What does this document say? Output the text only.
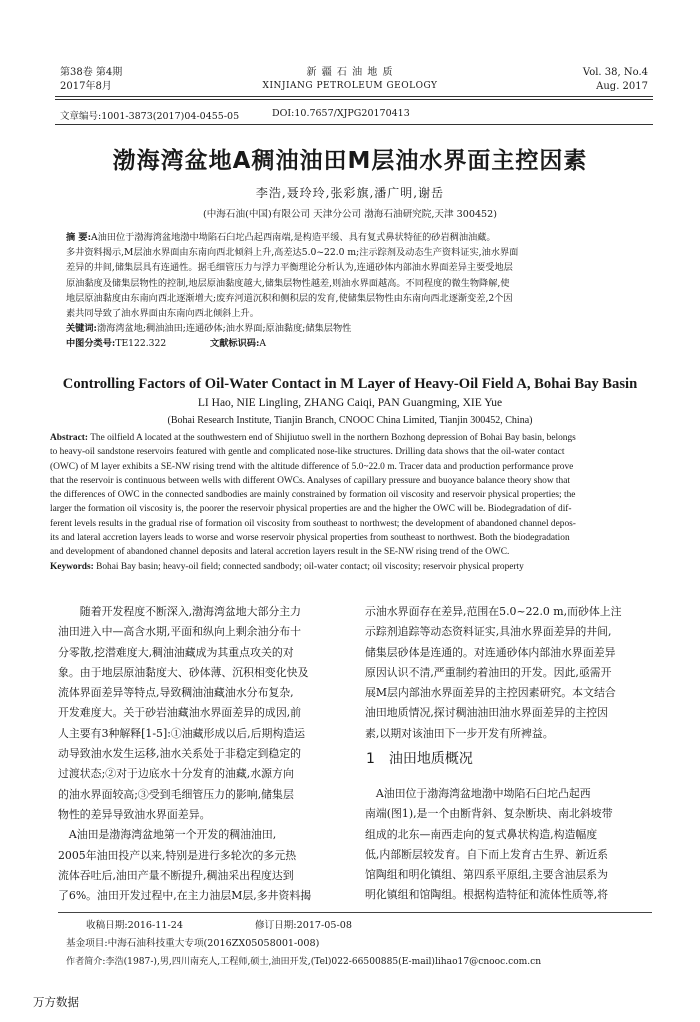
第38卷 第4期
2017年8月
新 疆 石 油 地 质
XINJIANG PETROLEUM GEOLOGY
Vol. 38, No.4
Aug. 2017
文章编号:1001-3873(2017)04-0455-05	DOI:10.7657/XJPG20170413
渤海湾盆地A稠油油田M层油水界面主控因素
李浩,聂玲玲,张彩旗,潘广明,谢岳
(中海石油(中国)有限公司 天津分公司 渤海石油研究院,天津 300452)
摘 要:A油田位于渤海湾盆地渤中坳陷石臼坨凸起西南端,是构造平缓、具有复式鼻状特征的砂岩稠油油藏。
多井资料揭示,M层油水界面由东南向西北倾斜上升,高差达5.0~22.0 m;注示踪剂及动态生产资料证实,油水界面
差异的井间,储集层具有连通性。据毛细管压力与浮力平衡理论分析认为,连通砂体内部油水界面差异主要受地层
原油黏度及储集层物性的控制,地层原油黏度越大,储集层物性越差,则油水界面越高。不同程度的微生物降解,使
地层原油黏度由东南向西北逐渐增大;废弃河道沉积和侧积层的发育,使储集层物性由东南向西北逐渐变差,2个因
素共同导致了油水界面由东南向西北倾斜上升。
关键词:渤海湾盆地;稠油油田;连通砂体;油水界面;原油黏度;储集层物性
中图分类号:TE122.322	文献标识码:A
Controlling Factors of Oil-Water Contact in M Layer of Heavy-Oil Field A, Bohai Bay Basin
LI Hao, NIE Lingling, ZHANG Caiqi, PAN Guangming, XIE Yue
(Bohai Research Institute, Tianjin Branch, CNOOC China Limited, Tianjin 300452, China)
Abstract: The oilfield A located at the southwestern end of Shijiutuo swell in the northern Bozhong depression of Bohai Bay basin, belongs
to heavy-oil sandstone reservoirs featured with gentle and complicated nose-like structures. Drilling data shows that the oil-water contact
(OWC) of M layer exhibits a SE-NW rising trend with the altitude difference of 5.0~22.0 m. Tracer data and production performance prove
that the reservoir is continuous between wells with different OWCs. Analyses of capillary pressure and buoyance balance theory show that
the differences of OWC in the connected sandbodies are mainly constrained by formation oil viscosity and reservoir physical properties; the
larger the formation oil viscosity is, the poorer the reservoir physical properties are and the higher the OWC will be. Biodegradation of dif-
ferent levels results in the gradual rise of formation oil viscosity from southeast to northwest; the development of abandoned channel depos-
its and lateral accretion layers leads to worse and worse reservoir physical properties from southeast to northwest. Both the biodegradation
and development of abandoned channel deposits and lateral accretion layers result in the SE-NW rising trend of the OWC.
Keywords: Bohai Bay basin; heavy-oil field; connected sandbody; oil-water contact; oil viscosity; reservoir physical property
随着开发程度不断深入,渤海湾盆地大部分主力
油田进入中—高含水期,平面和纵向上剩余油分布十
分零散,挖潜难度大,稠油油藏成为其重点攻关的对
象。由于地层原油黏度大、砂体薄、沉积相变化快及
流体界面差异等特点,导致稠油油藏油水分布复杂,
开发难度大。关于砂岩油藏油水界面差异的成因,前
人主要有3种解释[1-5]:①油藏形成以后,后期构造运
动导致油水发生运移,油水关系处于非稳定到稳定的
过渡状态;②对于边底水十分发育的油藏,水源方向
的油水界面较高;③受到毛细管压力的影响,储集层
物性的差异导致油水界面差异。
　A油田是渤海湾盆地第一个开发的稠油油田,
2005年油田投产以来,特别是进行多轮次的多元热
流体吞吐后,油田产量不断提升,稠油采出程度达到
了6%。油田开发过程中,在主力油层M层,多井资料揭
示油水界面存在差异,范围在5.0~22.0 m,而砂体上注
示踪剂追踪等动态资料证实,具油水界面差异的井间,
储集层砂体是连通的。对连通砂体内部油水界面差异
原因认识不清,严重制约着油田的开发。因此,亟需开
展M层内部油水界面差异的主控因素研究。本文结合
油田地质情况,探讨稠油油田油水界面差异的主控因
素,以期对该油田下一步开发有所裨益。
1 油田地质概况
　A油田位于渤海湾盆地渤中坳陷石臼坨凸起西
南端(图1),是一个由断背斜、复杂断块、南北斜坡带
组成的北东—南西走向的复式鼻状构造,构造幅度
低,内部断层较发育。自下而上发育古生界、新近系
馆陶组和明化镇组、第四系平原组,主要含油层系为
明化镇组和馆陶组。根据构造特征和流体性质等,将
收稿日期:2016-11-24	修订日期:2017-05-08
基金项目:中海石油科技重大专项(2016ZX05058001-008)
作者简介:李浩(1987-),男,四川南充人,工程师,硕士,油田开发,(Tel)022-66500885(E-mail)lihao17@cnooc.com.cn
万方数据
